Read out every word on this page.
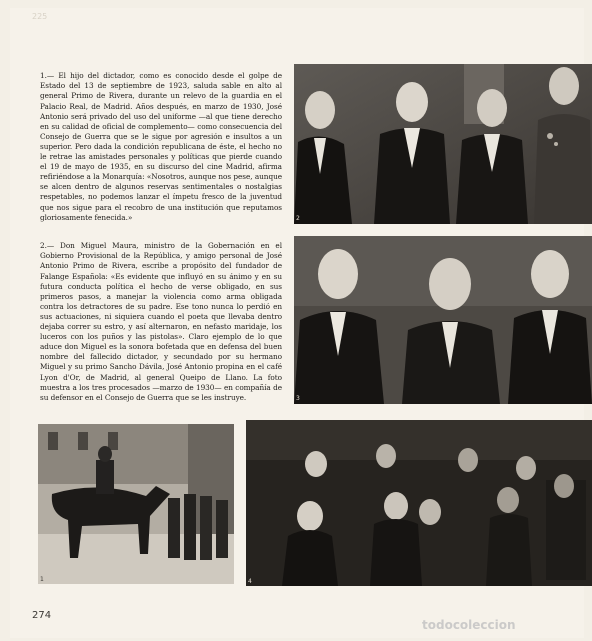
225

1.— El hijo del dictador, como es conocido desde el golpe de Estado del 13 de septiembre de 1923, saluda sable en alto al general Primo de Rivera, durante un relevo de la guardia en el Palacio Real, de Madrid. Años después, en marzo de 1930, José Antonio será privado del uso del uniforme —al que tiene derecho en su calidad de oficial de complemento— como consecuencia del Consejo de Guerra que se le sigue por agresión e insultos a un superior. Pero dada la condición republicana de éste, el hecho no le retrae las amistades personales y políticas que pierde cuando el 19 de mayo de 1935, en su discurso del cine Madrid, afirma refiriéndose a la Monarquía: «Nosotros, aunque nos pese, aunque se alcen dentro de algunos reservas sentimentales o nostalgias respetables, no podemos lanzar el ímpetu fresco de la juventud que nos sigue para el recobro de una institución que reputamos gloriosamente fenecida.»

2.— Don Miguel Maura, ministro de la Gobernación en el Gobierno Provisional de la República, y amigo personal de José Antonio Primo de Rivera, escribe a propósito del fundador de Falange Española: «Es evidente que influyó en su ánimo y en su futura conducta política el hecho de verse obligado, en sus primeros pasos, a manejar la violencia como arma obligada contra los detractores de su padre. Ese tono nunca lo perdió en sus actuaciones, ni siquiera cuando el poeta que llevaba dentro dejaba correr su estro, y así alternaron, en nefasto maridaje, los luceros con los puños y las pistolas». Claro ejemplo de lo que aduce don Miguel es la sonora bofetada que en defensa del buen nombre del fallecido dictador, y secundado por su hermano Miguel y su primo Sancho Dávila, José Antonio propina en el café Lyon d'Or, de Madrid, al general Queipo de Llano. La foto muestra a los tres procesados —marzo de 1930— en compañía de su defensor en el Consejo de Guerra que se les instruye.

2
3
1	4
274
todocoleccion
